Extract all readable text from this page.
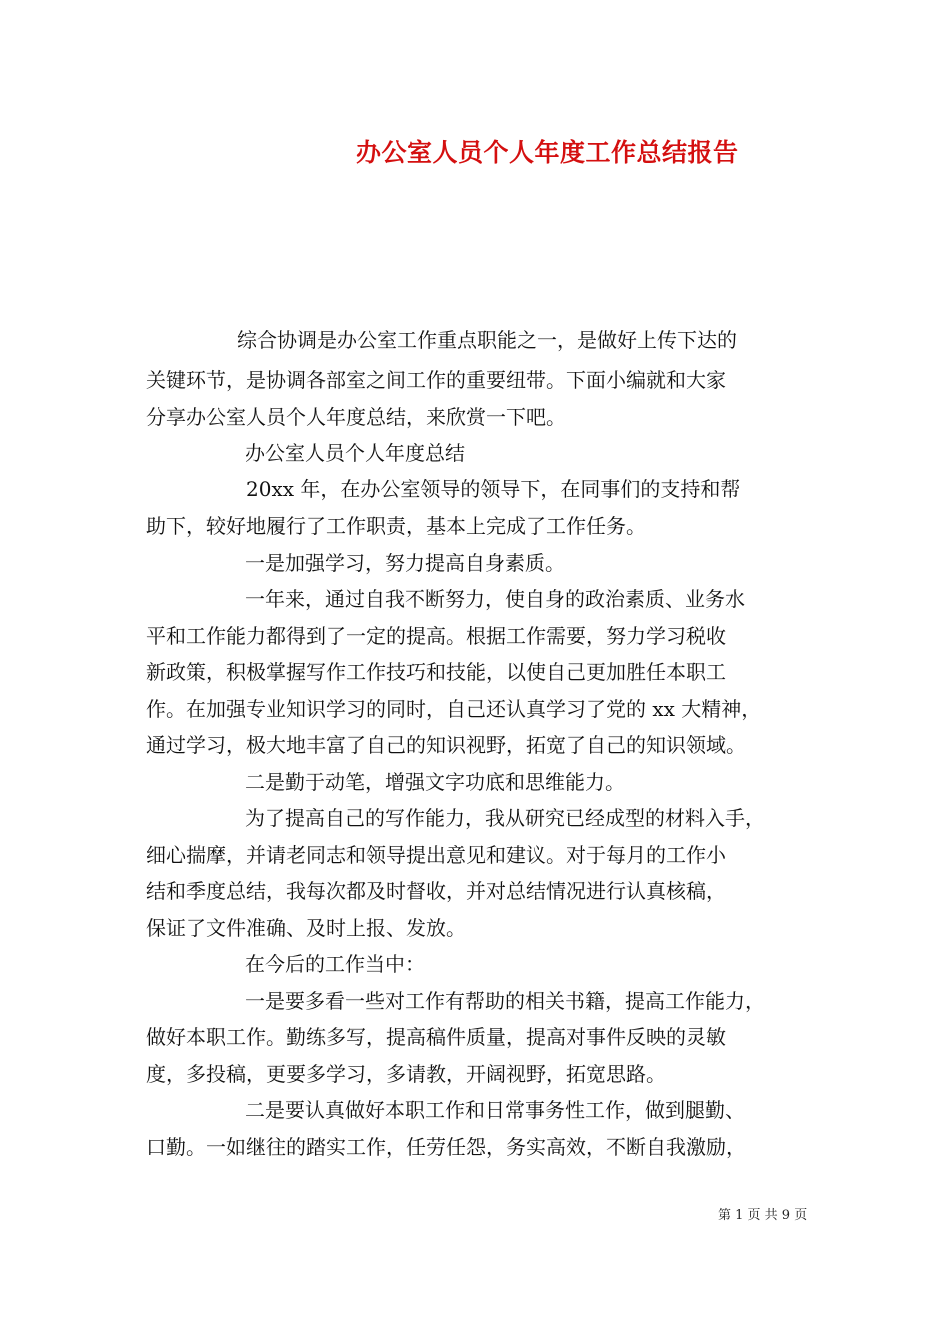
办公室人员个人年度工作总结报告
综合协调是办公室工作重点职能之一，是做好上传下达的
关键环节，是协调各部室之间工作的重要纽带。下面小编就和大家
分享办公室人员个人年度总结，来欣赏一下吧。
办公室人员个人年度总结
20xx 年，在办公室领导的领导下，在同事们的支持和帮
助下，较好地履行了工作职责，基本上完成了工作任务。
一是加强学习，努力提高自身素质。
一年来，通过自我不断努力，使自身的政治素质、业务水
平和工作能力都得到了一定的提高。根据工作需要，努力学习税收
新政策，积极掌握写作工作技巧和技能，以使自己更加胜任本职工
作。在加强专业知识学习的同时，自己还认真学习了党的 xx 大精神，
通过学习，极大地丰富了自己的知识视野，拓宽了自己的知识领域。
二是勤于动笔，增强文字功底和思维能力。
为了提高自己的写作能力，我从研究已经成型的材料入手，
细心揣摩，并请老同志和领导提出意见和建议。对于每月的工作小
结和季度总结，我每次都及时督收，并对总结情况进行认真核稿，
保证了文件准确、及时上报、发放。
在今后的工作当中：
一是要多看一些对工作有帮助的相关书籍，提高工作能力，
做好本职工作。勤练多写，提高稿件质量，提高对事件反映的灵敏
度，多投稿，更要多学习，多请教，开阔视野，拓宽思路。
二是要认真做好本职工作和日常事务性工作，做到腿勤、
口勤。一如继往的踏实工作，任劳任怨，务实高效，不断自我激励，
第 1 页 共 9 页
